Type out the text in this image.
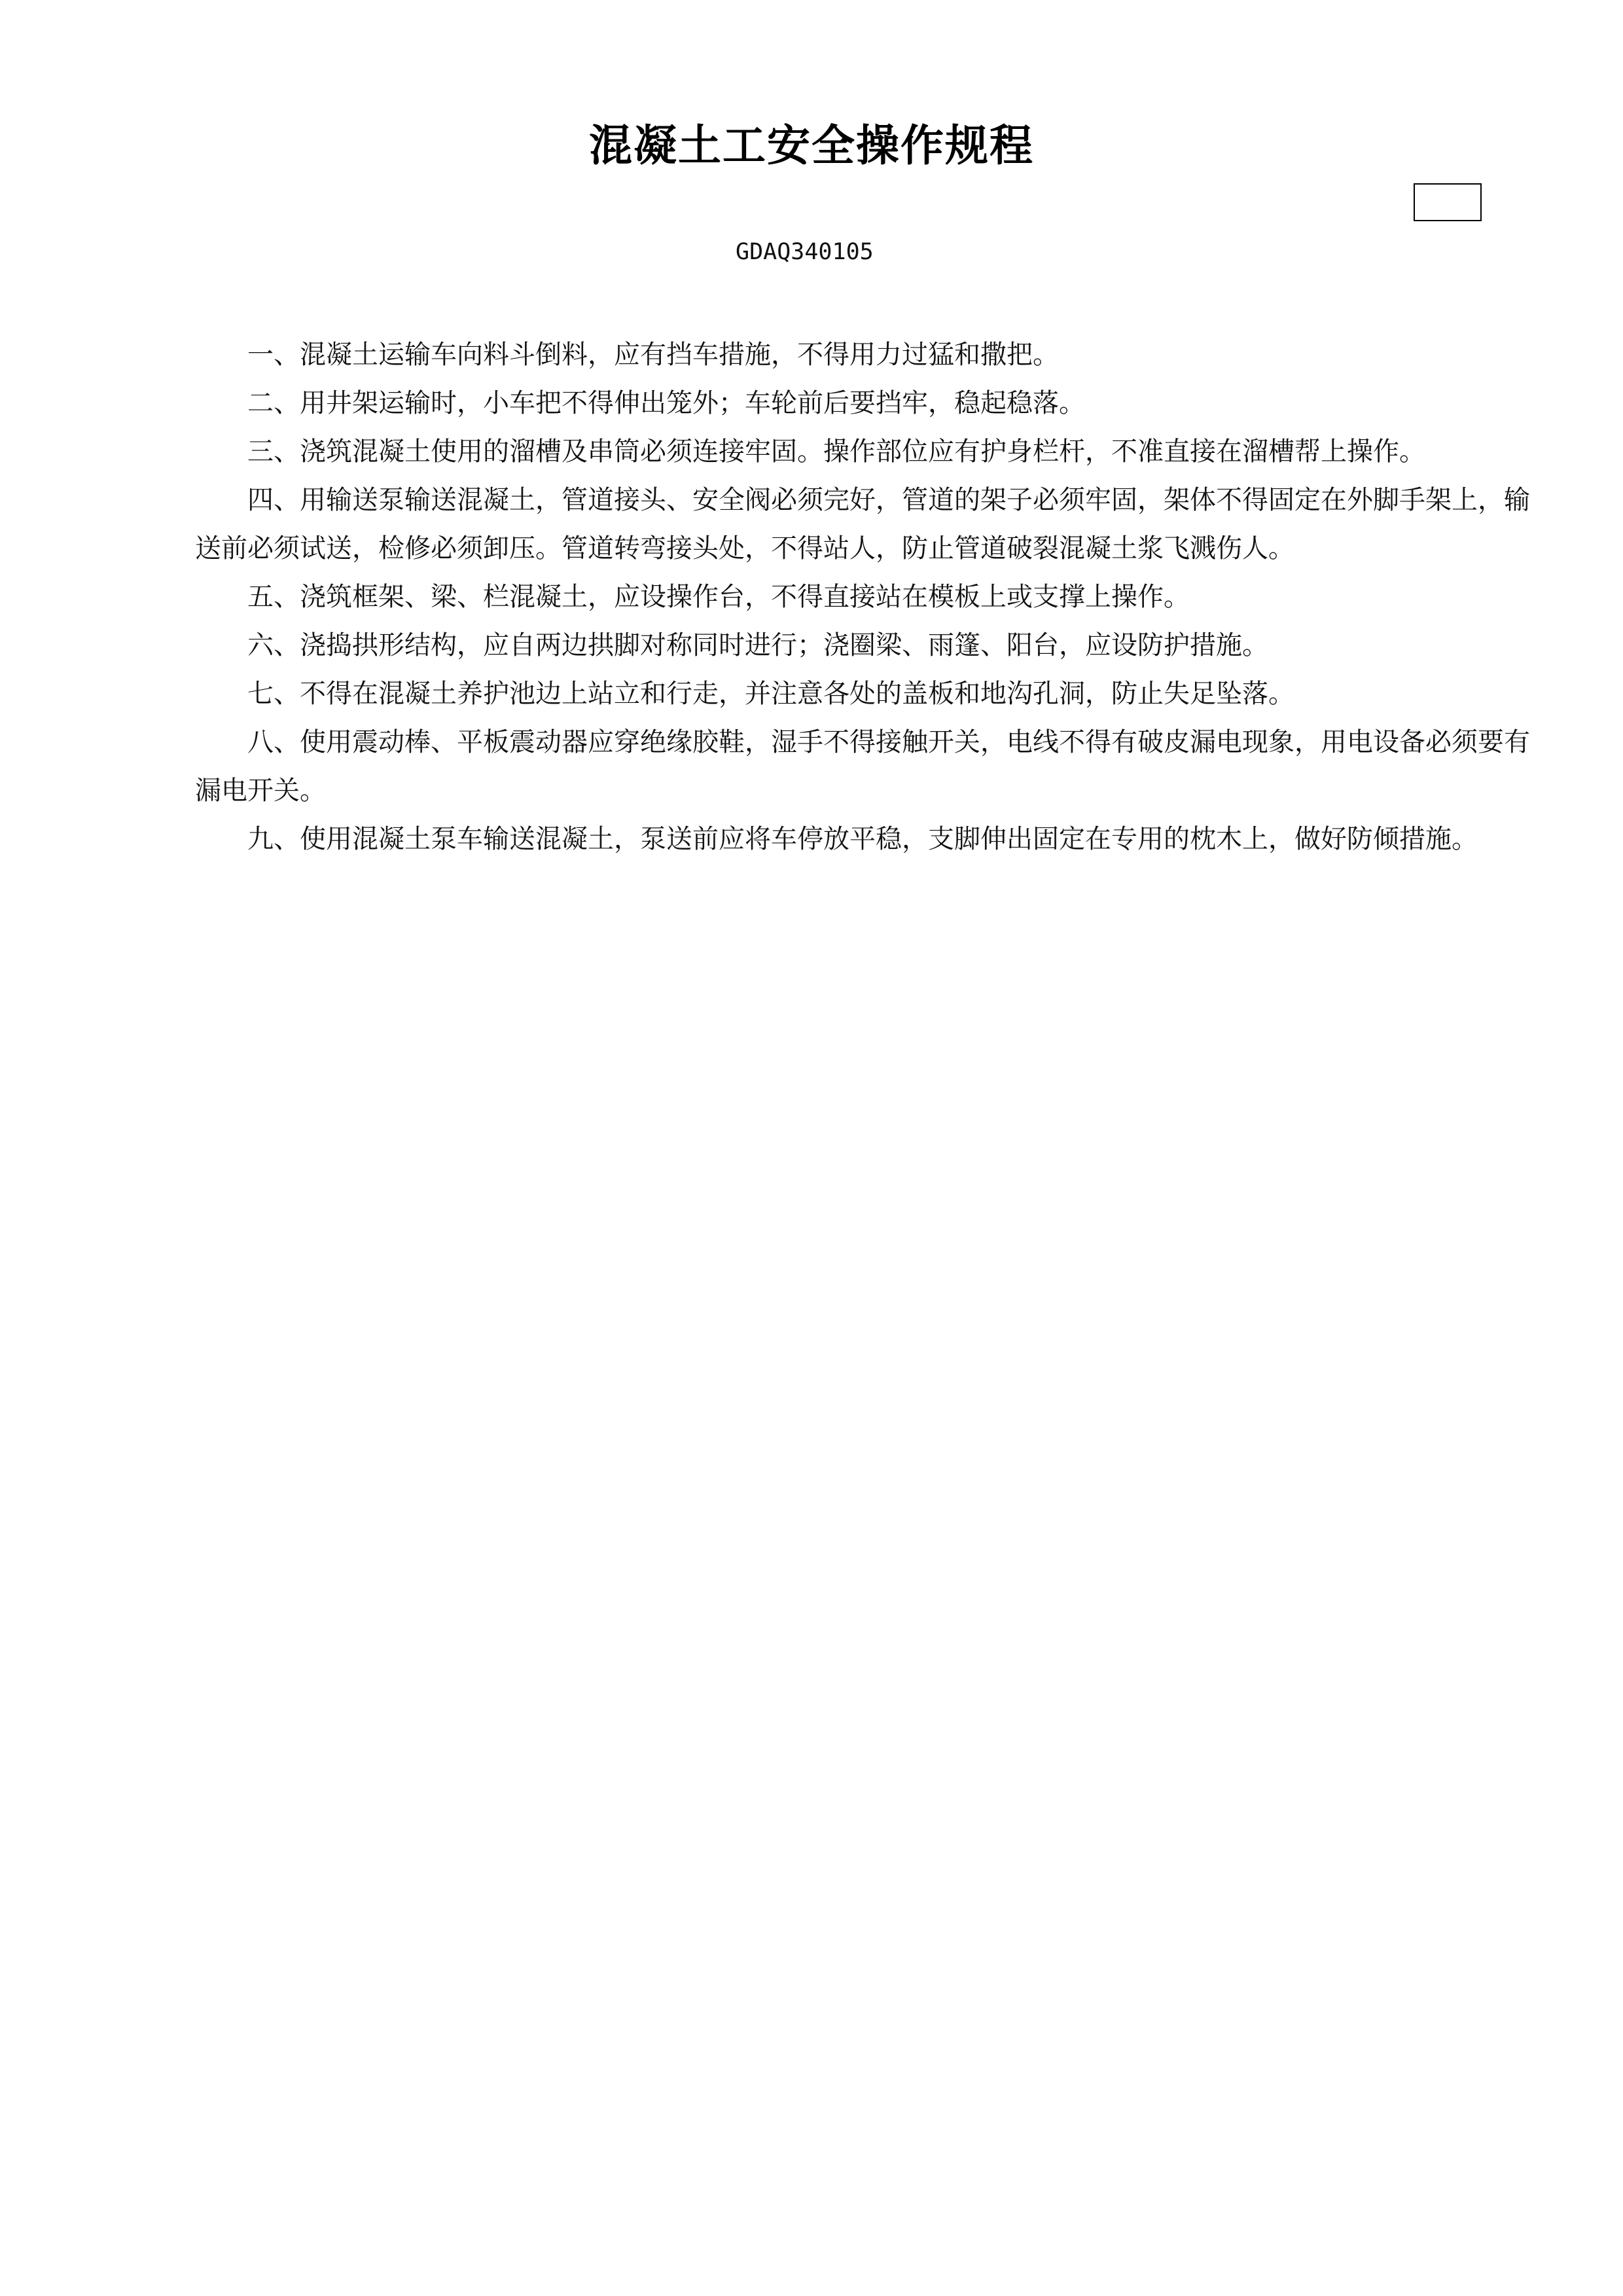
混凝土工安全操作规程
GDAQ340105

一、混凝土运输车向料斗倒料，应有挡车措施，不得用力过猛和撒把。

二、用井架运输时，小车把不得伸出笼外；车轮前后要挡牢，稳起稳落。

三、浇筑混凝土使用的溜槽及串筒必须连接牢固。操作部位应有护身栏杆，不准直接在溜槽帮上操作。

四、用输送泵输送混凝土，管道接头、安全阀必须完好，管道的架子必须牢固，架体不得固定在外脚手架上，输送前必须试送，检修必须卸压。管道转弯接头处，不得站人，防止管道破裂混凝土浆飞溅伤人。

五、浇筑框架、梁、栏混凝土，应设操作台，不得直接站在模板上或支撑上操作。

六、浇捣拱形结构，应自两边拱脚对称同时进行；浇圈梁、雨篷、阳台，应设防护措施。

七、不得在混凝土养护池边上站立和行走，并注意各处的盖板和地沟孔洞，防止失足坠落。

八、使用震动棒、平板震动器应穿绝缘胶鞋，湿手不得接触开关，电线不得有破皮漏电现象，用电设备必须要有漏电开关。

九、使用混凝土泵车输送混凝土，泵送前应将车停放平稳，支脚伸出固定在专用的枕木上，做好防倾措施。
